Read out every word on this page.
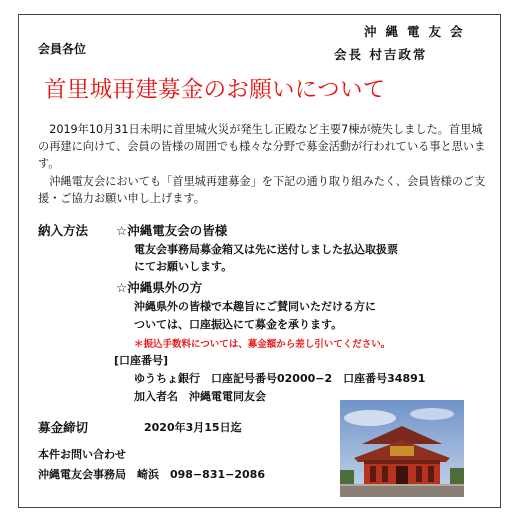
会員各位
沖縄電友会
会長 村吉政常
首里城再建募金のお願いについて
　2019年10月31日未明に首里城火災が発生し正殿など主要7棟が焼失しました。首里城の再建に向けて、会員の皆様の周囲でも様々な分野で募金活動が行われている事と思います。
　沖縄電友会においても「首里城再建募金」を下記の通り取り組みたく、会員皆様のご支援・ご協力お願い申し上げます。
納入方法 ☆沖縄電友会の皆様
電友会事務局募金箱又は先に送付しました払込取扱票
にてお願いします。
☆沖縄県外の方
沖縄県外の皆様で本趣旨にご賛同いただける方に
ついては、口座振込にて募金を承ります。
＊振込手数料については、募金額から差し引いてください。
[口座番号]
ゆうちょ銀行　口座記号番号02000−2　口座番号34891
加入者名　沖縄電電同友会
募金締切	2020年3月15日迄
本件お問い合わせ
沖縄電友会事務局　崎浜　098−831−2086
